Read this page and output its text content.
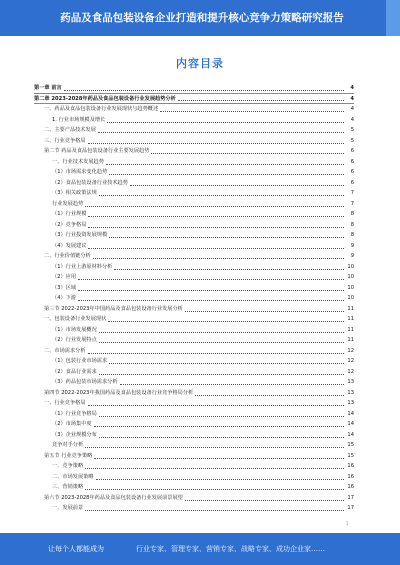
药品及食品包装设备企业打造和提升核心竞争力策略研究报告
内容目录
第一章 前言	4
第二章 2023-2028年药品及食品包装设备行业发展趋势分析	4
一、药品及食品包装设备行业发展现状与趋势概述	4
1. 行业市场规模及增长	4
二、主要产品技术发展	5
三、行业竞争格局	5
第二节 药品及食品包装设备行业主要发展趋势	6
一、行业技术发展趋势	6
（1）市场需求变化趋势	6
（2）食品包装设备行业技术趋势	6
（3）相关政策法规	7
行业发展趋势	7
（1）行业规模	8
（2）竞争格局	8
（3）行业投资发展规模	8
（4）发展建议	9
二、行业价值链分析	9
（1）行业上游原材料分析	10
（2）应用	10
（3）区域	10
（4）下游	10
第三节 2022-2023年中国药品及食品包装设备行业发展分析	11
一、包装设备行业发展现状	11
（1）市场发展概况	11
（2）行业发展特点	11
二、市场需求分析	12
（1）包装行业市场需求	12
（2）食品行业需求	12
（3）药品包装市场需求分析	13
第四节 2022-2023年我国药品及食品包装设备行业竞争格局分析	13
一、行业竞争格局	13
（1）行业竞争格局	14
（2）市场集中度	14
（3）企业规模分布	14
竞争对手分析	15
第五节 行业竞争策略	15
一、竞争策略	16
二、市场发展策略	16
三、营销策略	16
第六节 2023-2028年药品及食品包装设备行业发展前景展望	17
一、发展前景	17
1
让每个人都能成为	行业专家、管理专家、营销专家、战略专家、成功企业家……
